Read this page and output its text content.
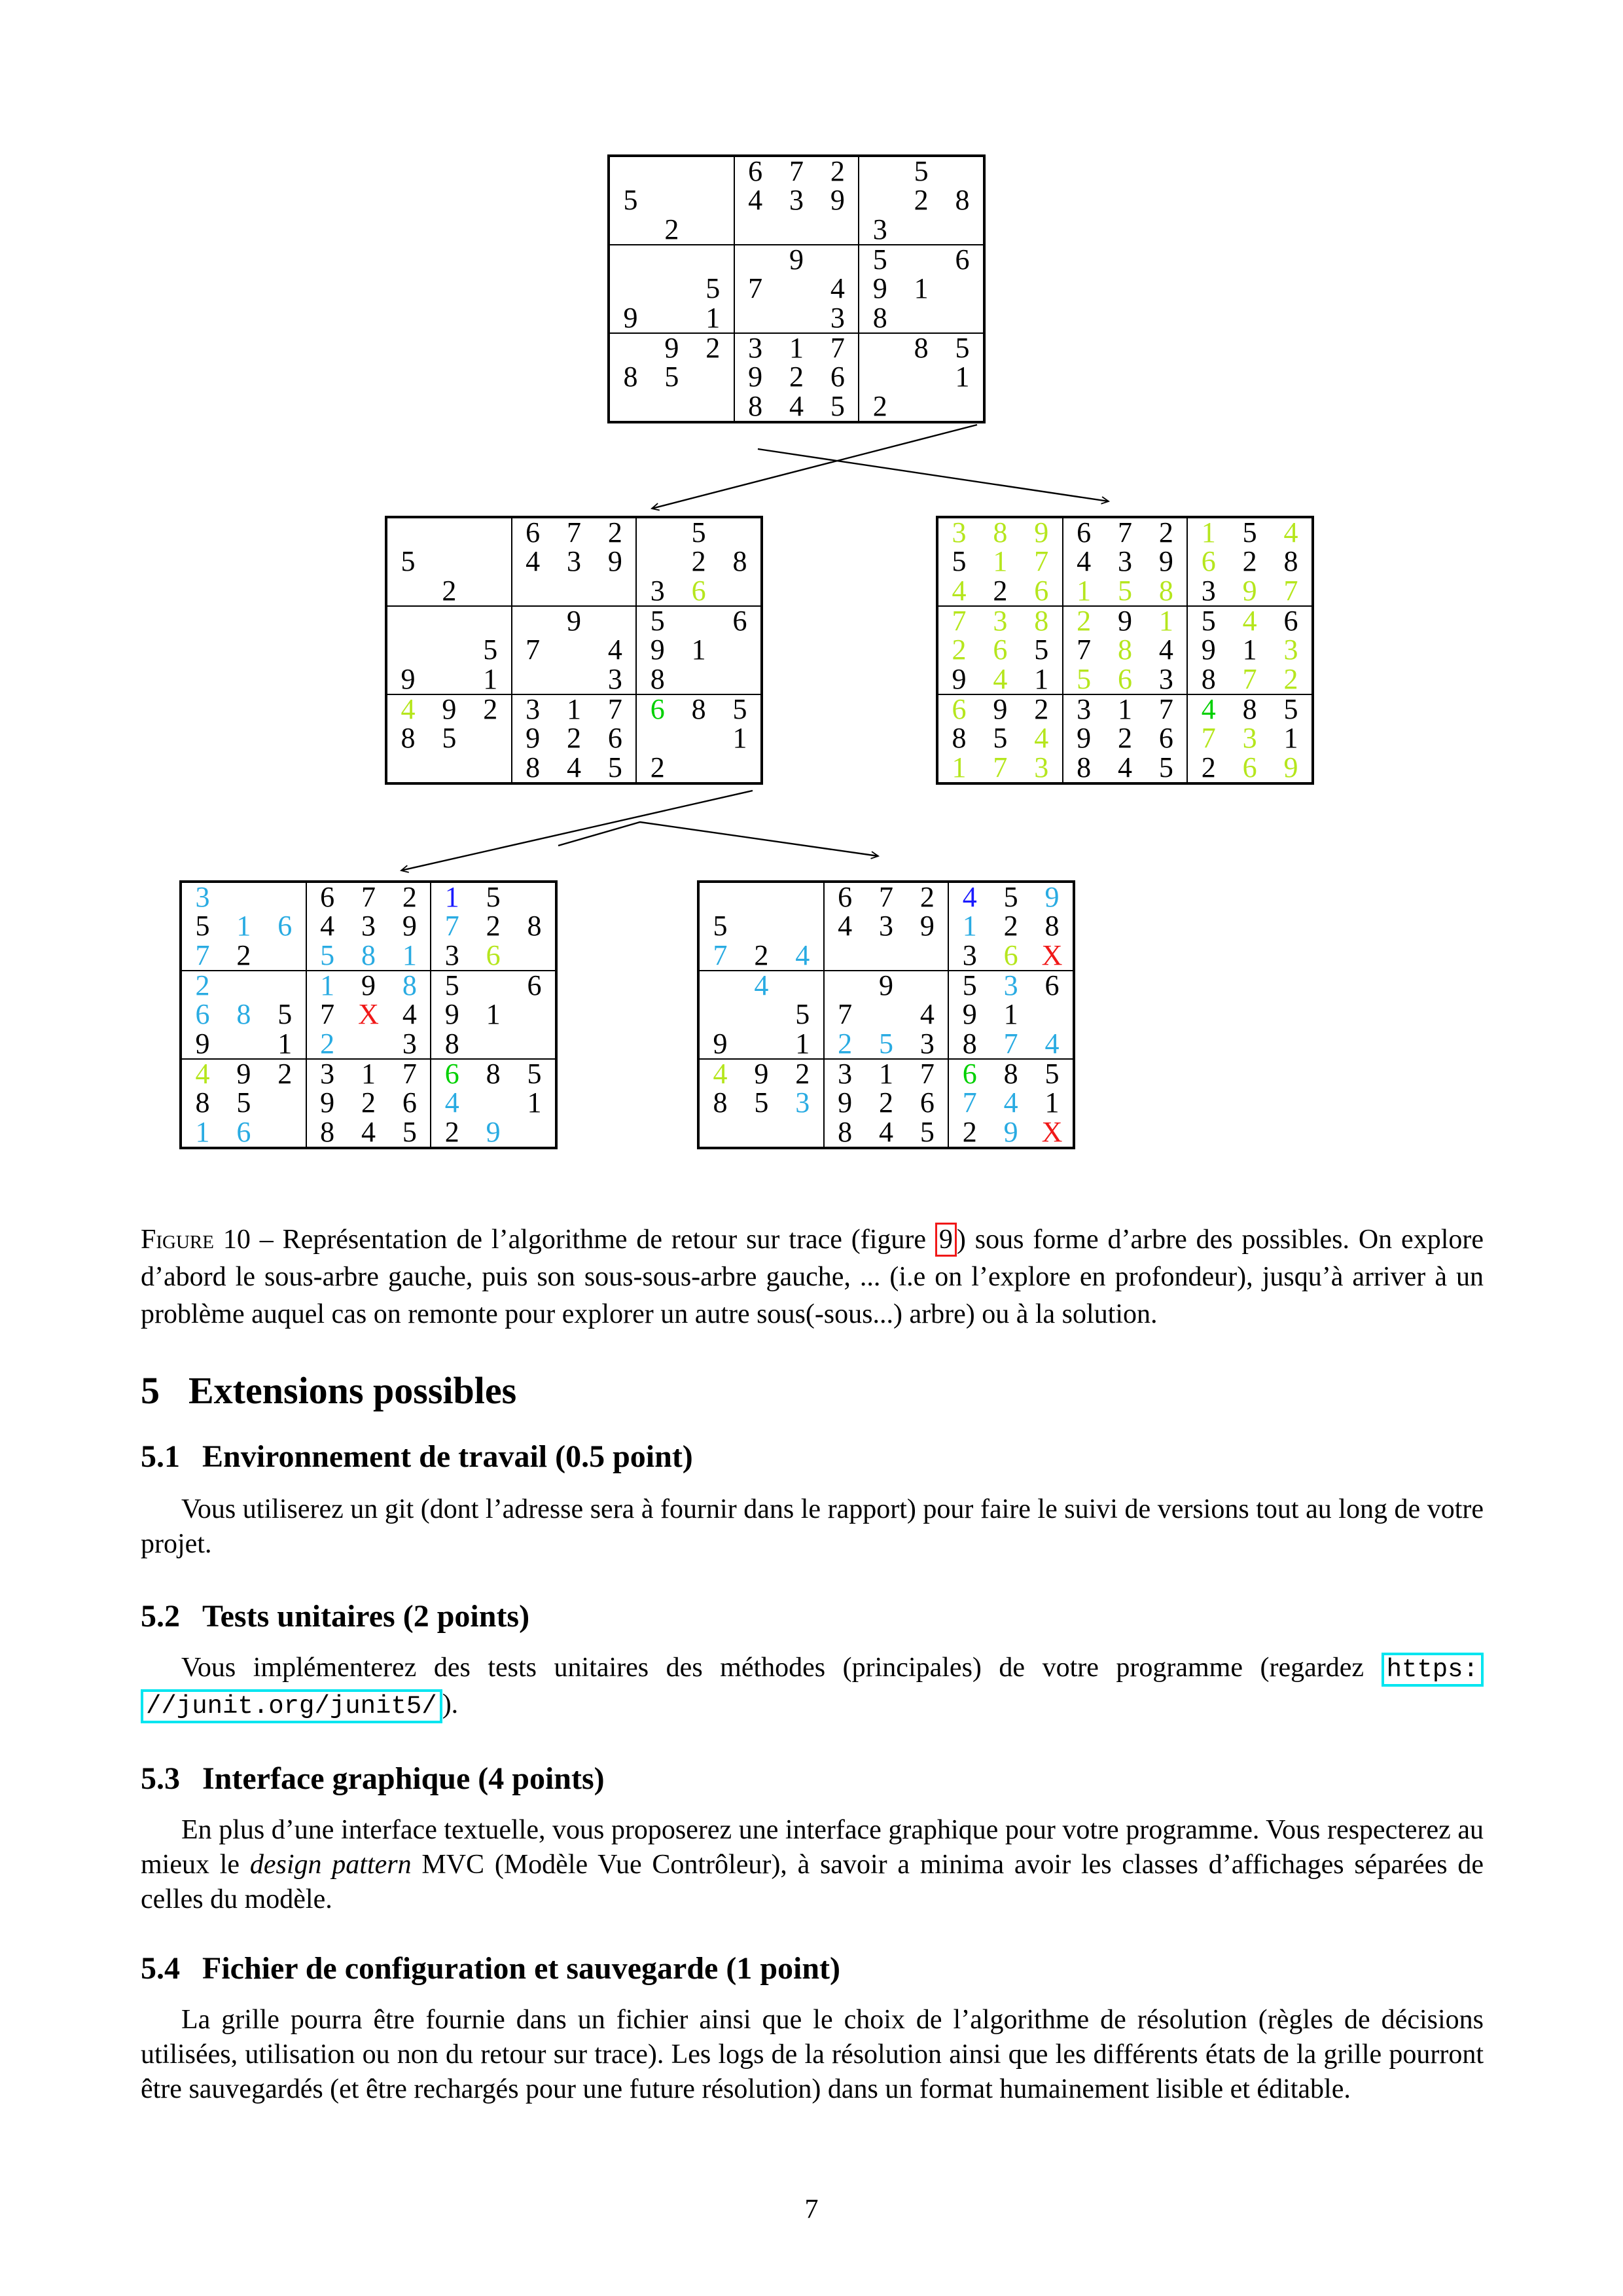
5
2
6 7 2
4 3 9
5
2 8
3
5
9 1
9
7 4
3
5 6
9 1
8
9 2
8 5
3 1 7
9 2 6
8 4 5
8 5
1
2
5
2
6 7 2
4 3 9
5
2 8
3 6
5
9 1
9
7 4
3
5 6
9 1
8
4 9 2
8 5
3 1 7
9 2 6
8 4 5
6 8 5
1
2
3 8 9
5 1 7
4 2 6
6 7 2
4 3 9
1 5 8
1 5 4
6 2 8
3 9 7
7 3 8
2 6 5
9 4 1
2 9 1
7 8 4
5 6 3
5 4 6
9 1 3
8 7 2
6 9 2
8 5 4
1 7 3
3 1 7
9 2 6
8 4 5
4 8 5
7 3 1
2 6 9
3
5 1 6
7 2
6 7 2
4 3 9
5 8 1
1 5
7 2 8
3 6
2
6 8 5
9 1
1 9 8
7 X 4
2 3
5 6
9 1
8
4 9 2
8 5
1 6
3 1 7
9 2 6
8 4 5
6 8 5
4 1
2 9
5
7 2 4
6 7 2
4 3 9
4 5 9
1 2 8
3 6 X
4
5
9 1
9
7 4
2 5 3
5 3 6
9 1
8 7 4
4 9 2
8 5 3
3 1 7
9 2 6
8 4 5
6 8 5
7 4 1
2 9 X

Figure 10 – Représentation de l’algorithme de retour sur trace (figure 9 ) sous forme d’arbre des possibles. On explore d’abord le sous-arbre gauche, puis son sous-sous-arbre gauche, ... (i.e on l’explore en profondeur), jusqu’à arriver à un problème auquel cas on remonte pour explorer un autre sous(-sous...) arbre) ou à la solution.

5 Extensions possibles
5.1 Environnement de travail (0.5 point)

Vous utiliserez un git (dont l’adresse sera à fournir dans le rapport) pour faire le suivi de versions tout au long de votre projet.

5.2 Tests unitaires (2 points)

Vous implémenterez des tests unitaires des méthodes (principales) de votre programme (regardez https://junit.org/junit5/ ).

5.3 Interface graphique (4 points)

En plus d’une interface textuelle, vous proposerez une interface graphique pour votre programme. Vous respecterez au mieux le design pattern MVC (Modèle Vue Contrôleur), à savoir a minima avoir les classes d’affichages séparées de celles du modèle.

5.4 Fichier de configuration et sauvegarde (1 point)

La grille pourra être fournie dans un fichier ainsi que le choix de l’algorithme de résolution (règles de décisions utilisées, utilisation ou non du retour sur trace). Les logs de la résolution ainsi que les différents états de la grille pourront être sauvegardés (et être rechargés pour une future résolution) dans un format humainement lisible et éditable.

7
